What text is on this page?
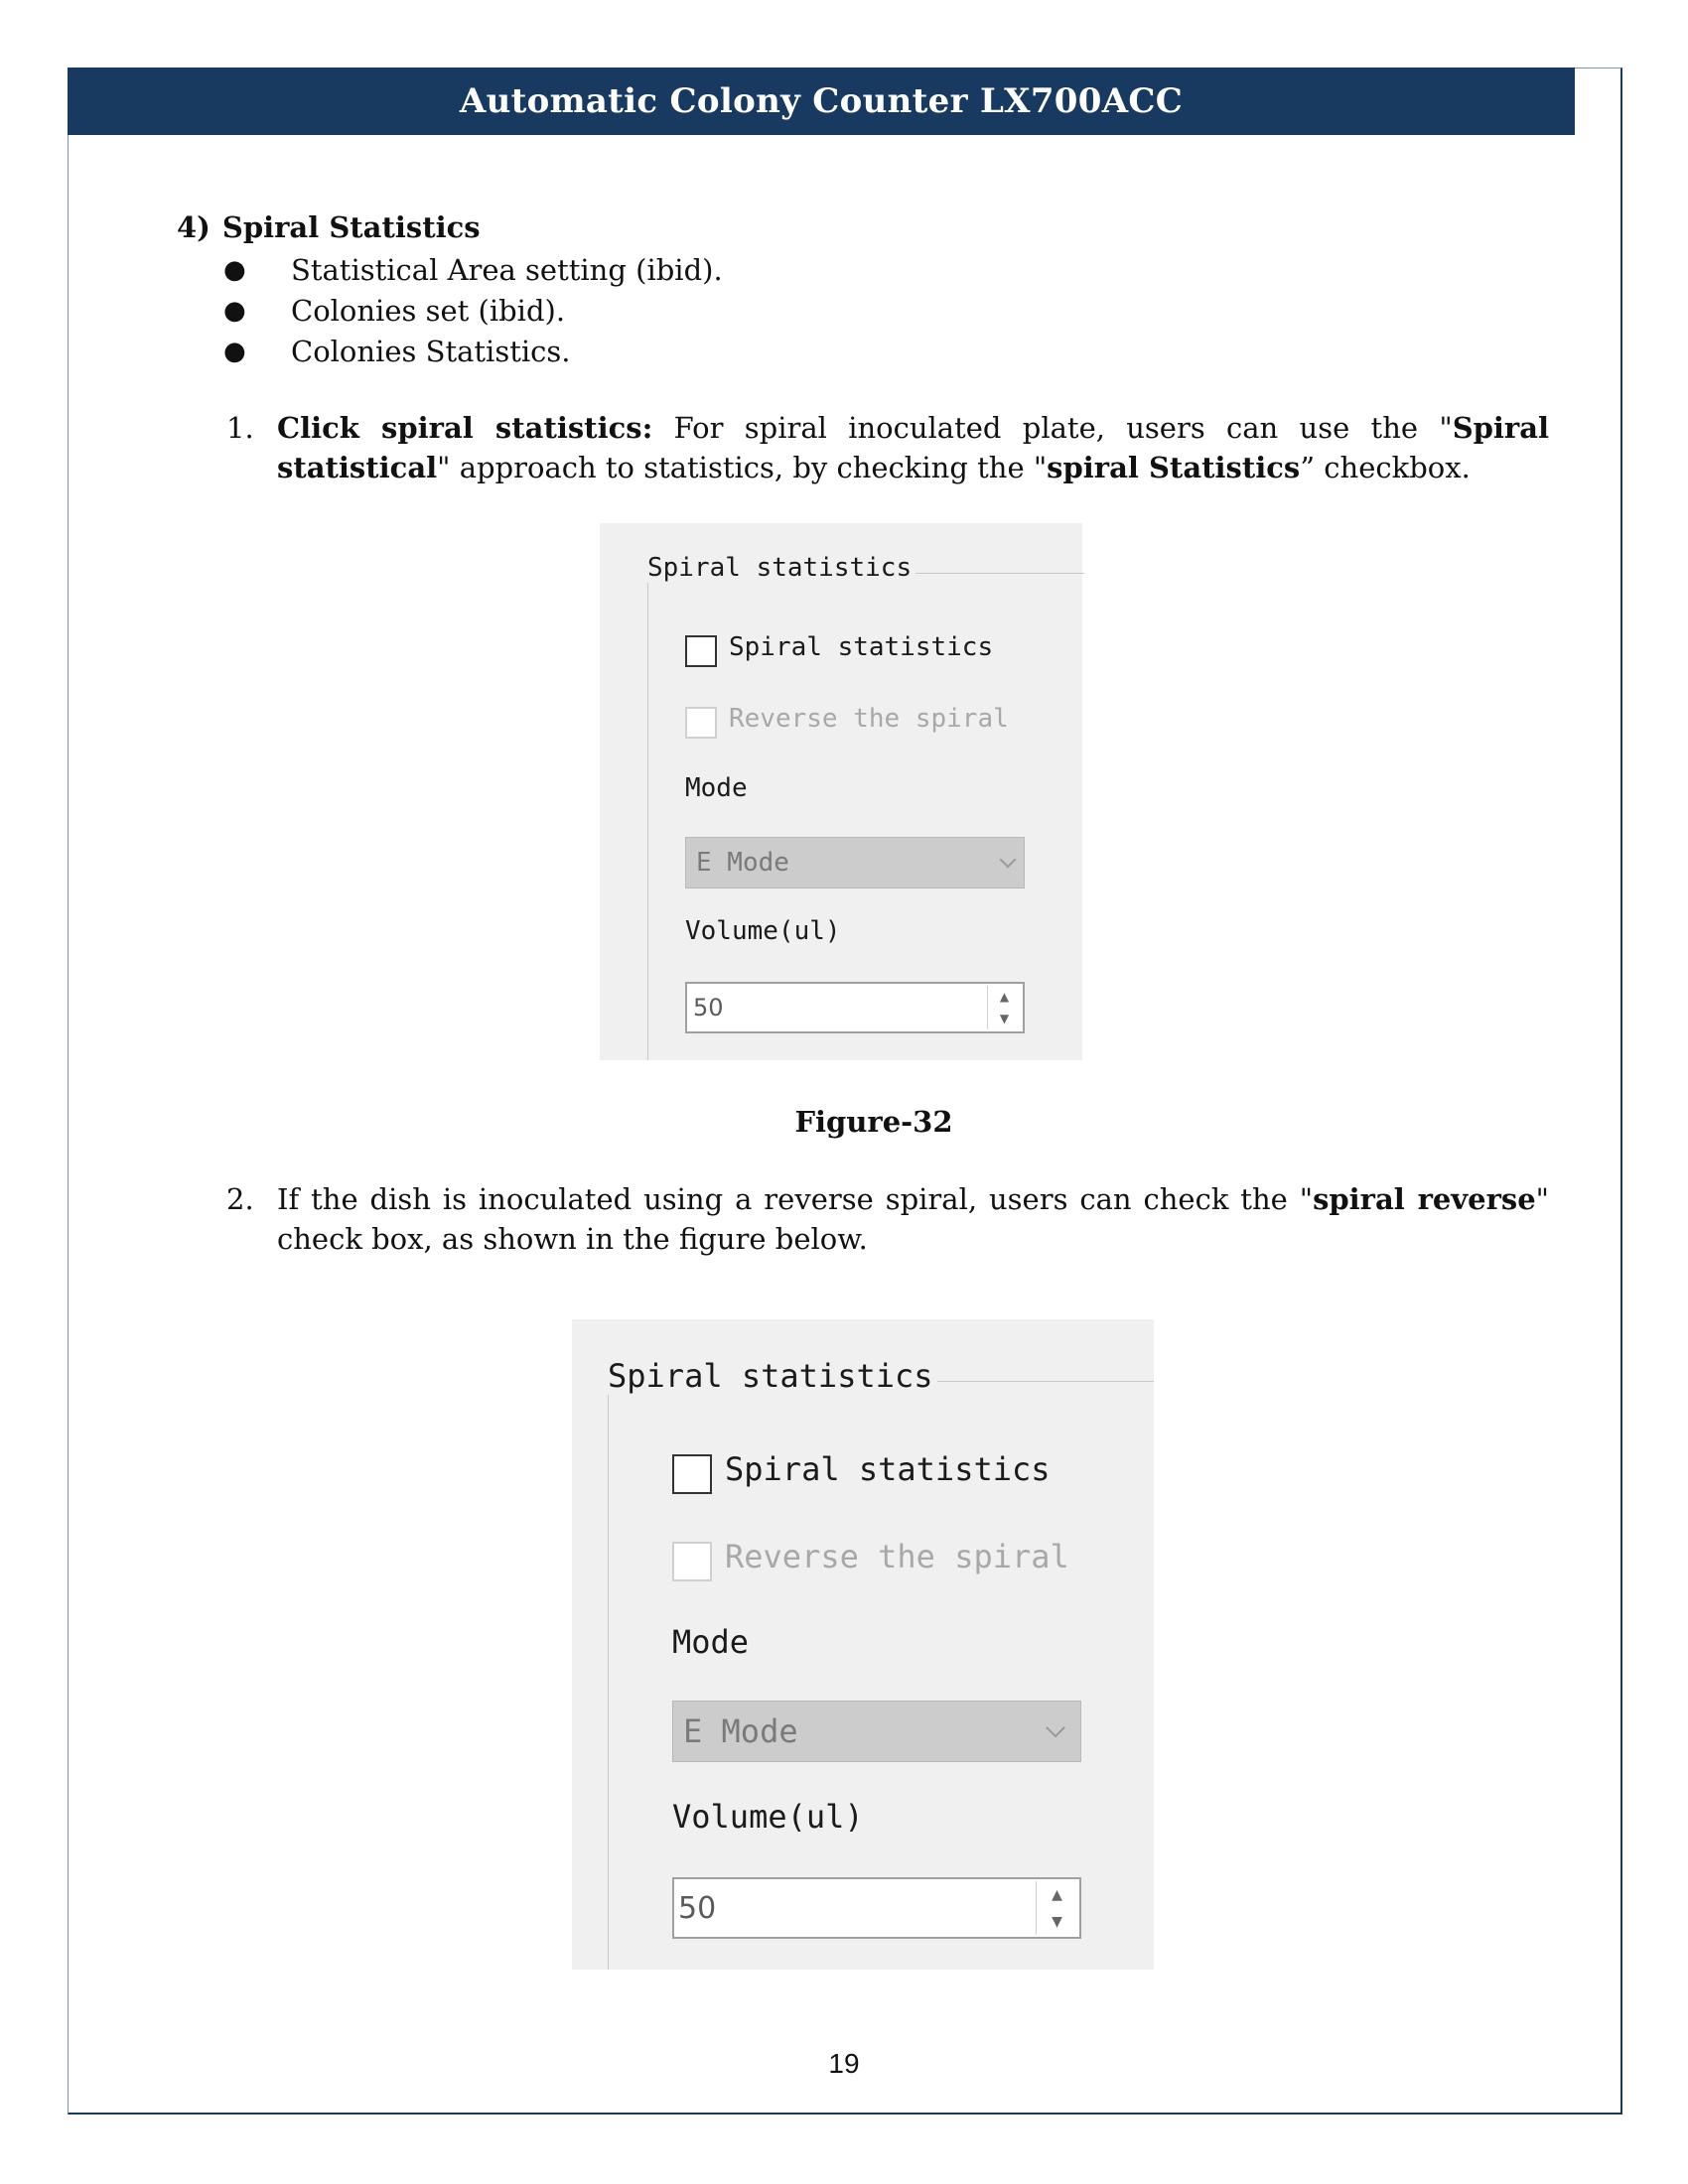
Automatic Colony Counter LX700ACC
4) Spiral Statistics
●	Statistical Area setting (ibid).
●	Colonies set (ibid).
●	Colonies Statistics.
1. Click spiral statistics: For spiral inoculated plate, users can use the "Spiral statistical" approach to statistics, by checking the "spiral Statistics” checkbox.
Spiral statistics
Spiral statistics
Reverse the spiral
Mode
E Mode
Volume(ul)
50	▲
▼
Figure-32
2. If the dish is inoculated using a reverse spiral, users can check the "spiral reverse" check box, as shown in the figure below.
Spiral statistics
Spiral statistics
Reverse the spiral
Mode
E Mode
Volume(ul)
50	▲
▼
19
